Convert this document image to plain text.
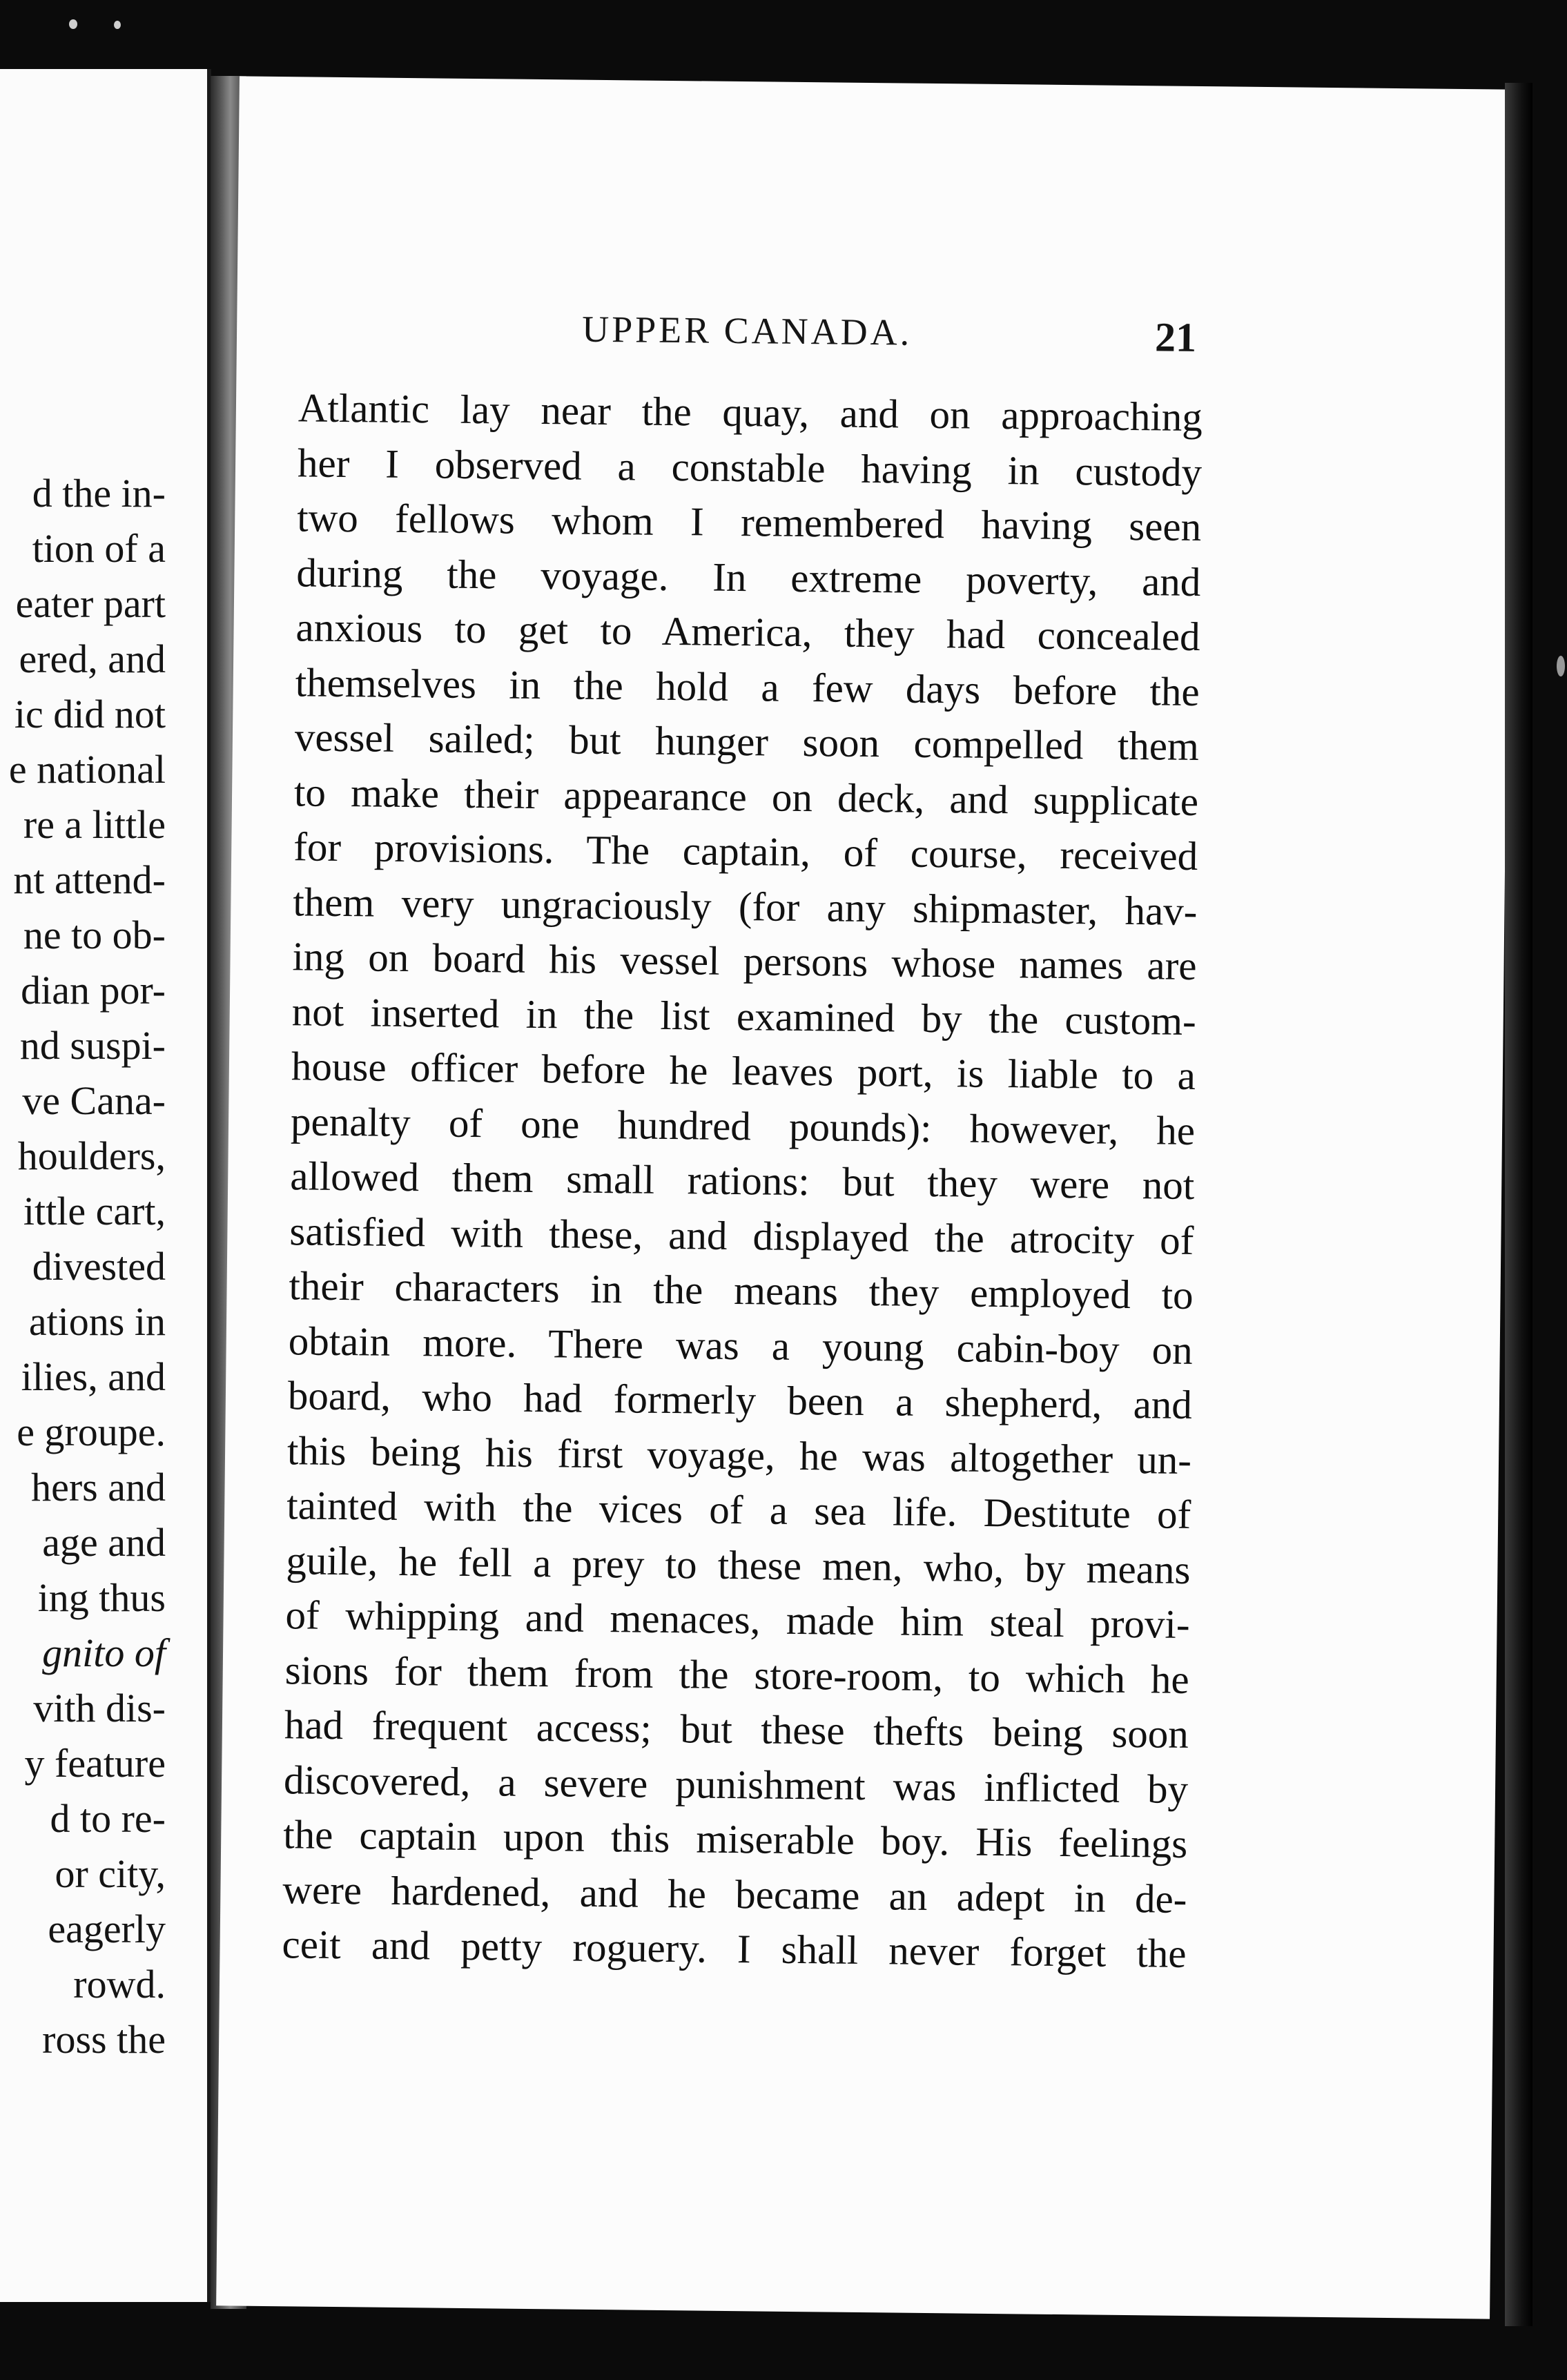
d the in-
tion of a
eater part
ered, and
ic did not
e national
re a little
nt attend-
ne to ob-
dian por-
nd suspi-
ve Cana-
houlders,
ittle cart,
divested
ations in
ilies, and
e groupe.
hers and
age and
ing thus
gnito of
vith dis-
y feature
d to re-
or city,
eagerly
rowd.
ross the
UPPER CANADA.	21
Atlantic lay near the quay, and on approaching
her I observed a constable having in custody
two fellows whom I remembered having seen
during the voyage. In extreme poverty, and
anxious to get to America, they had concealed
themselves in the hold a few days before the
vessel sailed; but hunger soon compelled them
to make their appearance on deck, and supplicate
for provisions. The captain, of course, received
them very ungraciously (for any shipmaster, hav-
ing on board his vessel persons whose names are
not inserted in the list examined by the custom-
house officer before he leaves port, is liable to a
penalty of one hundred pounds): however, he
allowed them small rations: but they were not
satisfied with these, and displayed the atrocity of
their characters in the means they employed to
obtain more. There was a young cabin-boy on
board, who had formerly been a shepherd, and
this being his first voyage, he was altogether un-
tainted with the vices of a sea life. Destitute of
guile, he fell a prey to these men, who, by means
of whipping and menaces, made him steal provi-
sions for them from the store-room, to which he
had frequent access; but these thefts being soon
discovered, a severe punishment was inflicted by
the captain upon this miserable boy. His feelings
were hardened, and he became an adept in de-
ceit and petty roguery. I shall never forget the
